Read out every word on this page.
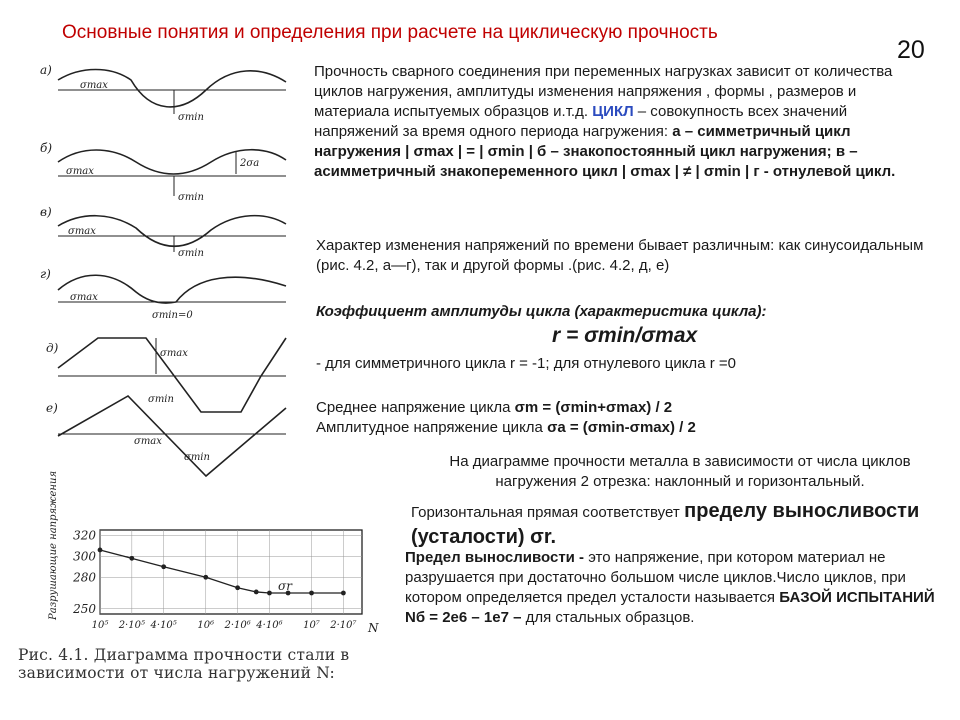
Основные понятия и определения при расчете на циклическую прочность
20
а)
б)
в)
г)
д)
е)
σmax
σmin
σmax
2σa
σmin
σmax
σmin
σmax
σmin=0
σmax
σmin
σmax
σmin
Прочность сварного соединения при переменных нагрузках зависит от количества циклов нагружения, амплитуды изменения напряжения , формы , размеров и материала испытуемых образцов и.т.д. ЦИКЛ – совокупность всех значений напряжений за время одного периода нагружения: а – симметричный цикл нагружения | σmax | = | σmin | б – знакопостоянный цикл нагружения; в – асимметричный знакопеременного цикл | σmax | ≠ | σmin | г - отнулевой цикл.
Характер изменения напряжений по времени бывает различным: как синусоидальным (рис. 4.2, а—г), так и другой формы .(рис. 4.2, д, е)
Коэффициент амплитуды цикла (характеристика цикла):
r = σmin/σmax
- для симметричного цикла r = -1; для отнулевого цикла r =0
Среднее напряжение цикла σm = (σmin+σmax) / 2
Амплитудное напряжение цикла σa = (σmin-σmax) / 2
На диаграмме прочности металла в зависимости от числа циклов нагружения 2 отрезка: наклонный и горизонтальный.
Горизонтальная прямая соответствует пределу выносливости (усталости) σr.
Предел выносливости - это напряжение, при котором материал не разрушается при достаточно большом числе циклов.Число циклов, при котором определяется предел усталости называется БАЗОЙ ИСПЫТАНИЙ Nб = 2е6 – 1е7 – для стальных образцов.
Разрушающие напряжения 250
280
300
320
10⁵ 2·10⁵ 4·10⁵ 10⁶ 2·10⁶ 4·10⁶ 10⁷ 2·10⁷
σr
N
Рис. 4.1. Диаграмма прочности стали в зависимости от числа нагружений N:
